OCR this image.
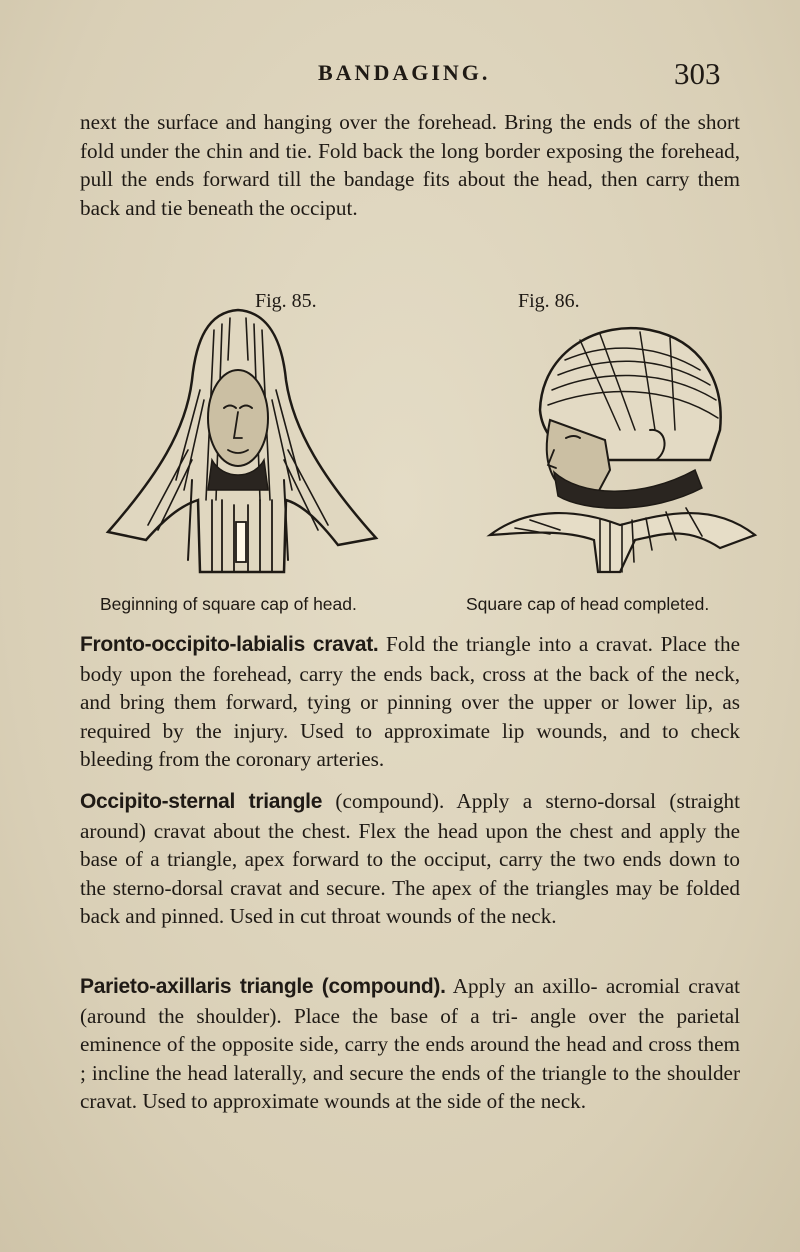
BANDAGING.	303

next the surface and hanging over the forehead. Bring the ends of the short fold under the chin and tie. Fold back the long border exposing the forehead, pull the ends forward till the bandage fits about the head, then carry them back and tie beneath the occiput.

Fig. 85.	Fig. 86.
Beginning of square cap of head.	Square cap of head completed.

Fronto-occipito-labialis cravat. Fold the triangle into a cravat. Place the body upon the forehead, carry the ends back, cross at the back of the neck, and bring them forward, tying or pinning over the upper or lower lip, as required by the injury. Used to approximate lip wounds, and to check bleeding from the coronary arteries.

Occipito-sternal triangle (compound). Apply a sterno-dorsal (straight around) cravat about the chest. Flex the head upon the chest and apply the base of a triangle, apex forward to the occiput, carry the two ends down to the sterno-dorsal cravat and secure. The apex of the triangles may be folded back and pinned. Used in cut throat wounds of the neck.

Parieto-axillaris triangle (compound). Apply an axillo- acromial cravat (around the shoulder). Place the base of a tri- angle over the parietal eminence of the opposite side, carry the ends around the head and cross them ; incline the head laterally, and secure the ends of the triangle to the shoulder cravat. Used to approximate wounds at the side of the neck.
